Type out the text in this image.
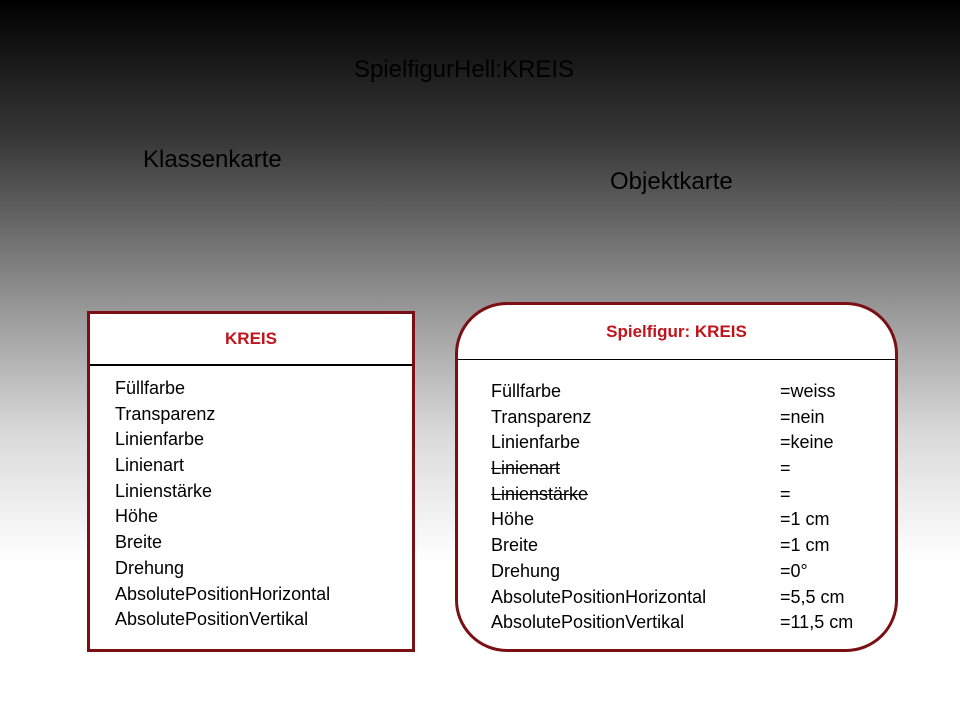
SpielfigurHell:KREIS
Klassenkarte
Objektkarte
KREIS
Füllfarbe
Transparenz
Linienfarbe
Linienart
Linienstärke
Höhe
Breite
Drehung
AbsolutePositionHorizontal
AbsolutePositionVertikal
Spielfigur: KREIS
Füllfarbe	=weiss
Transparenz	=nein
Linienfarbe	=keine
Linienart	=
Linienstärke	=
Höhe	=1 cm
Breite	=1 cm
Drehung	=0°
AbsolutePositionHorizontal	=5,5 cm
AbsolutePositionVertikal	=11,5 cm
